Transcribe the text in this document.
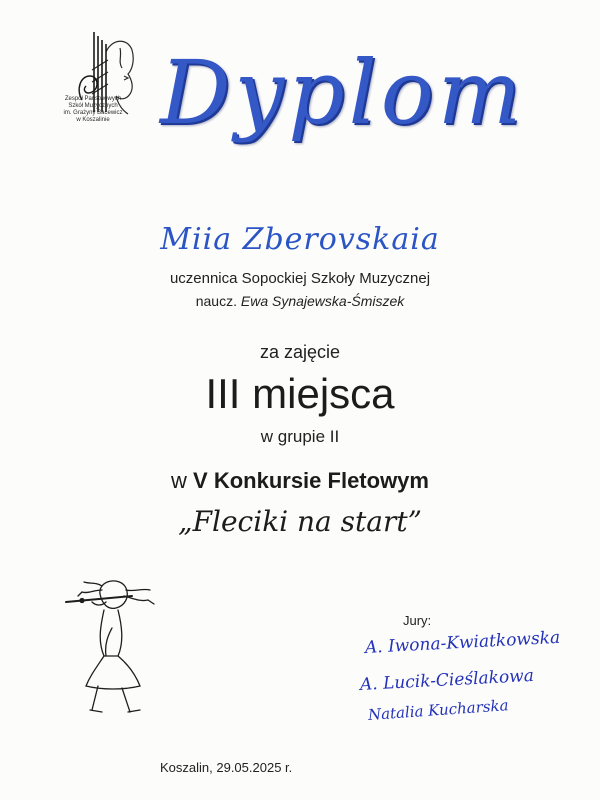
Zespół Państwowych
Szkół Muzycznych
im. Grażyny Bacewicz
w Koszalinie Dyplom
Miia Zberovskaia
uczennica Sopockiej Szkoły Muzycznej
naucz. Ewa Synajewska-Śmiszek
za zajęcie
III miejsca
w grupie II
w V Konkursie Fletowym
„Fleciki na start”
Jury:
A. Iwona-Kwiatkowska
A. Lucik-Cieślakowa
Natalia Kucharska
Koszalin, 29.05.2025 r.
